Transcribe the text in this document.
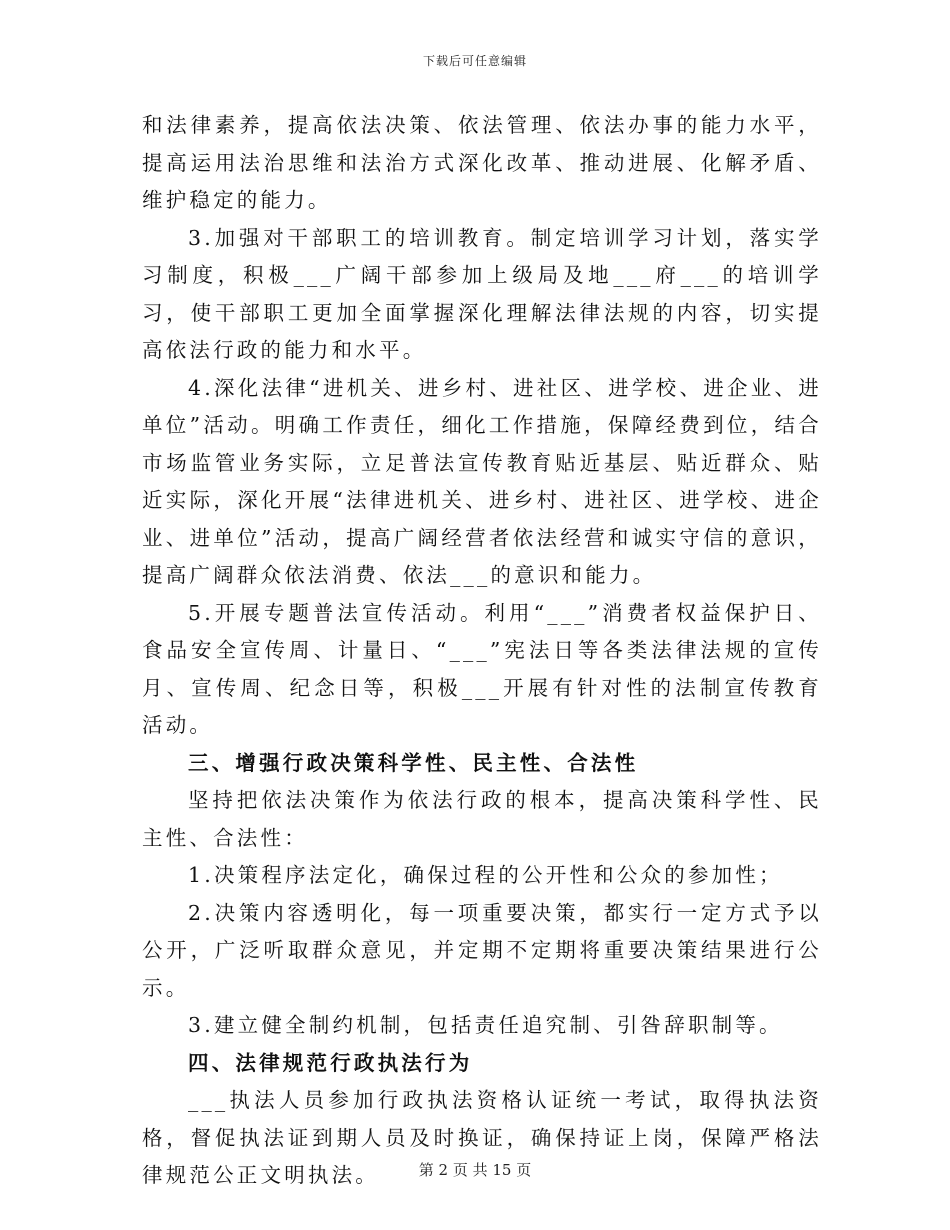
下载后可任意编辑

和法律素养，提高依法决策、依法管理、依法办事的能力水平，提高运用法治思维和法治方式深化改革、推动进展、化解矛盾、维护稳定的能力。

3.加强对干部职工的培训教育。制定培训学习计划，落实学习制度，积极___广阔干部参加上级局及地___府___的培训学习，使干部职工更加全面掌握深化理解法律法规的内容，切实提高依法行政的能力和水平。

4.深化法律“进机关、进乡村、进社区、进学校、进企业、进单位”活动。明确工作责任，细化工作措施，保障经费到位，结合市场监管业务实际，立足普法宣传教育贴近基层、贴近群众、贴近实际，深化开展“法律进机关、进乡村、进社区、进学校、进企业、进单位”活动，提高广阔经营者依法经营和诚实守信的意识，提高广阔群众依法消费、依法___的意识和能力。

5.开展专题普法宣传活动。利用“___”消费者权益保护日、食品安全宣传周、计量日、“___”宪法日等各类法律法规的宣传月、宣传周、纪念日等，积极___开展有针对性的法制宣传教育活动。

三、增强行政决策科学性、民主性、合法性

坚持把依法决策作为依法行政的根本，提高决策科学性、民主性、合法性：

1.决策程序法定化，确保过程的公开性和公众的参加性；

2.决策内容透明化，每一项重要决策，都实行一定方式予以公开，广泛听取群众意见，并定期不定期将重要决策结果进行公示。

3.建立健全制约机制，包括责任追究制、引咎辞职制等。

四、法律规范行政执法行为

___执法人员参加行政执法资格认证统一考试，取得执法资格，督促执法证到期人员及时换证，确保持证上岗，保障严格法律规范公正文明执法。	第 2 页 共 15 页
